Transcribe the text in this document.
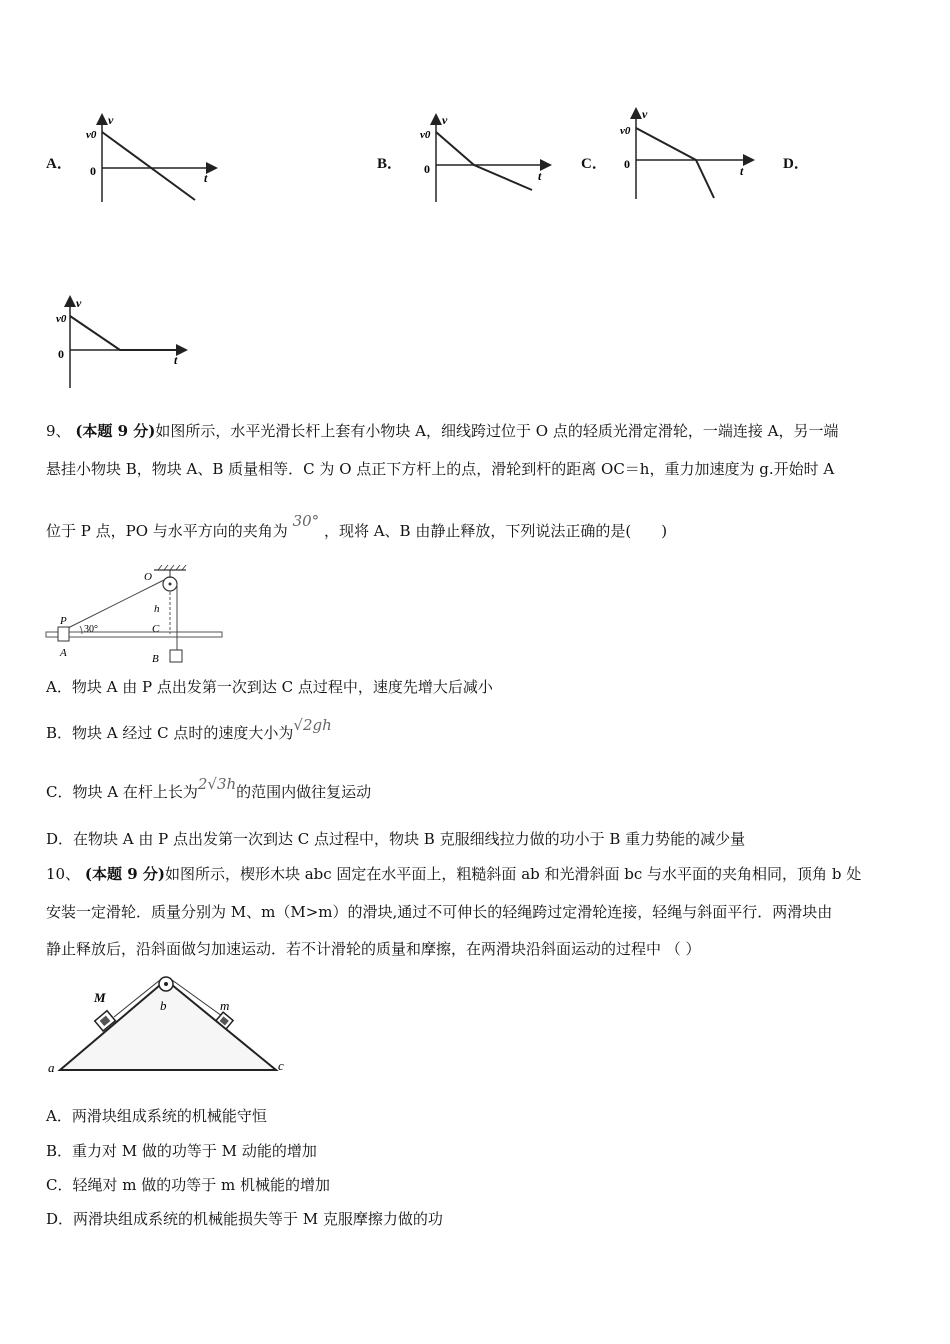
A．	B．	C．	D．
v
v0
0	t
v
v0
0	t
v
v0
0	t
v
v0
0	t
9、 (本题 9 分)如图所示，水平光滑长杆上套有小物块 A，细线跨过位于 O 点的轻质光滑定滑轮，一端连接 A，另一端
悬挂小物块 B，物块 A、B 质量相等．C 为 O 点正下方杆上的点，滑轮到杆的距离 OC＝h，重力加速度为 g.开始时 A
位于 P 点，PO 与水平方向的夹角为 30° ，现将 A、B 由静止释放，下列说法正确的是(　　)
O
P
h
C
30°
A	B
A．物块 A 由 P 点出发第一次到达 C 点过程中，速度先增大后减小
B．物块 A 经过 C 点时的速度大小为√2gh
C．物块 A 在杆上长为2√3h的范围内做往复运动
D．在物块 A 由 P 点出发第一次到达 C 点过程中，物块 B 克服细线拉力做的功小于 B 重力势能的减少量
10、 (本题 9 分)如图所示，楔形木块 abc 固定在水平面上，粗糙斜面 ab 和光滑斜面 bc 与水平面的夹角相同，顶角 b 处
安装一定滑轮．质量分别为 M、m（M>m）的滑块,通过不可伸长的轻绳跨过定滑轮连接，轻绳与斜面平行．两滑块由
静止释放后，沿斜面做匀加速运动．若不计滑轮的质量和摩擦，在两滑块沿斜面运动的过程中 （ ）
M
m
b
a	c
A．两滑块组成系统的机械能守恒
B．重力对 M 做的功等于 M 动能的增加
C．轻绳对 m 做的功等于 m 机械能的增加
D．两滑块组成系统的机械能损失等于 M 克服摩擦力做的功
